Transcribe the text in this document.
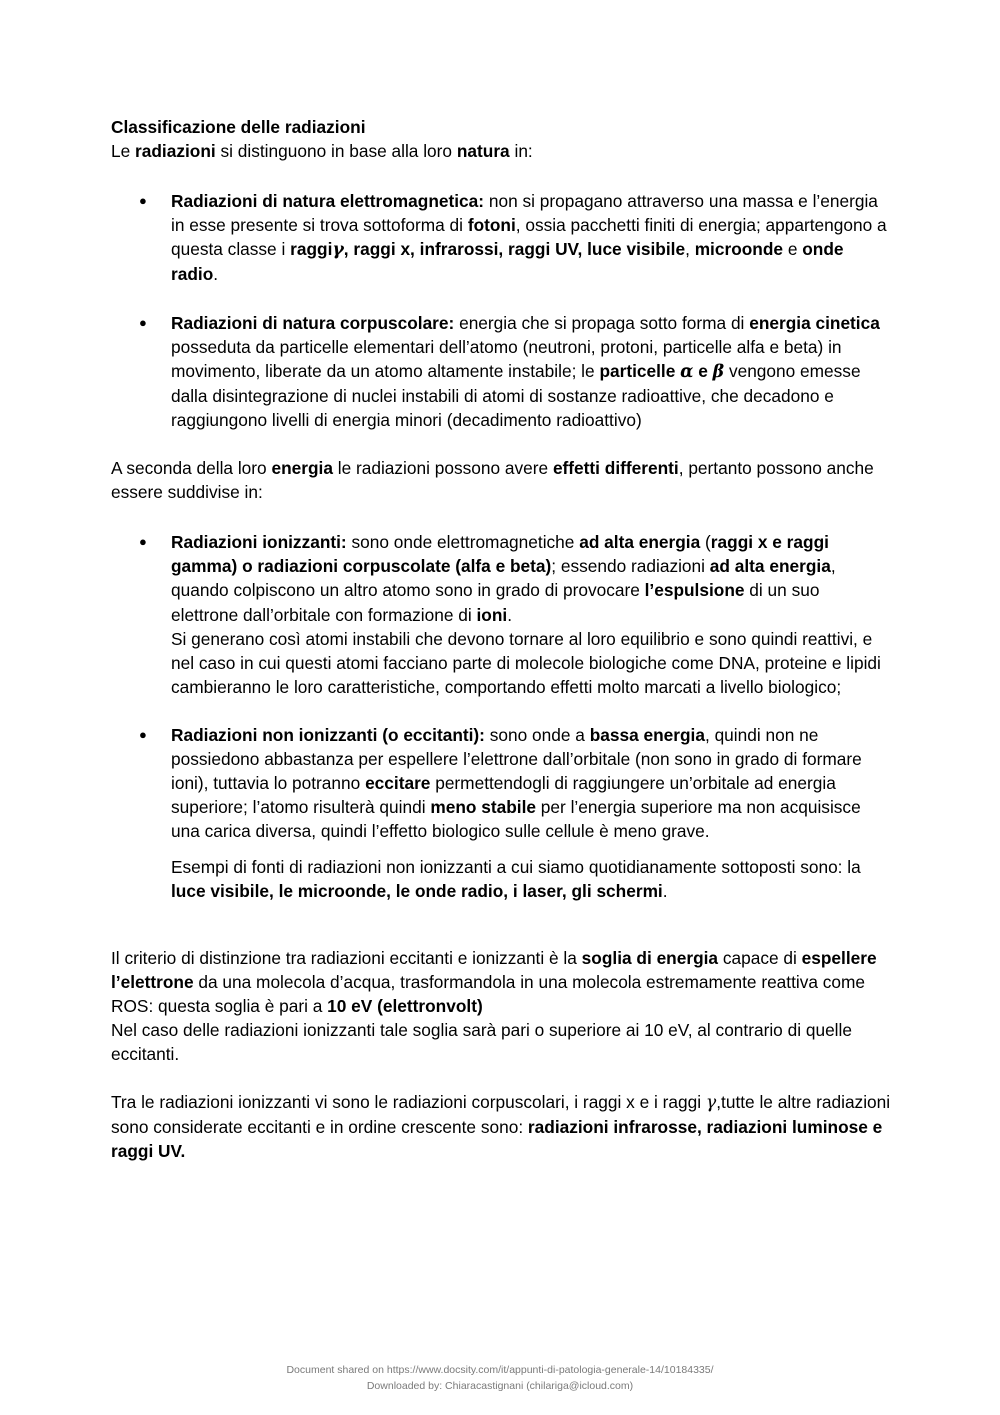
Classificazione delle radiazioni

Le radiazioni si distinguono in base alla loro natura in:

● Radiazioni di natura elettromagnetica: non si propagano attraverso una massa e l’energia in esse presente si trova sottoforma di fotoni, ossia pacchetti finiti di energia; appartengono a questa classe i raggiγ, raggi x, infrarossi, raggi UV, luce visibile, microonde e onde radio.
● Radiazioni di natura corpuscolare: energia che si propaga sotto forma di energia cinetica posseduta da particelle elementari dell’atomo (neutroni, protoni, particelle alfa e beta) in movimento, liberate da un atomo altamente instabile; le particelle α e β vengono emesse dalla disintegrazione di nuclei instabili di atomi di sostanze radioattive, che decadono e raggiungono livelli di energia minori (decadimento radioattivo)

A seconda della loro energia le radiazioni possono avere effetti differenti, pertanto possono anche essere suddivise in:

● Radiazioni ionizzanti: sono onde elettromagnetiche ad alta energia (raggi x e raggi gamma) o radiazioni corpuscolate (alfa e beta); essendo radiazioni ad alta energia, quando colpiscono un altro atomo sono in grado di provocare l’espulsione di un suo elettrone dall’orbitale con formazione di ioni.
Si generano così atomi instabili che devono tornare al loro equilibrio e sono quindi reattivi, e nel caso in cui questi atomi facciano parte di molecole biologiche come DNA, proteine e lipidi cambieranno le loro caratteristiche, comportando effetti molto marcati a livello biologico;
● Radiazioni non ionizzanti (o eccitanti): sono onde a bassa energia, quindi non ne possiedono abbastanza per espellere l’elettrone dall’orbitale (non sono in grado di formare ioni), tuttavia lo potranno eccitare permettendogli di raggiungere un’orbitale ad energia superiore; l’atomo risulterà quindi meno stabile per l’energia superiore ma non acquisisce una carica diversa, quindi l’effetto biologico sulle cellule è meno grave.

Esempi di fonti di radiazioni non ionizzanti a cui siamo quotidianamente sottoposti sono: la luce visibile, le microonde, le onde radio, i laser, gli schermi.

Il criterio di distinzione tra radiazioni eccitanti e ionizzanti è la soglia di energia capace di espellere l’elettrone da una molecola d’acqua, trasformandola in una molecola estremamente reattiva come ROS: questa soglia è pari a 10 eV (elettronvolt)
Nel caso delle radiazioni ionizzanti tale soglia sarà pari o superiore ai 10 eV, al contrario di quelle eccitanti.

Tra le radiazioni ionizzanti vi sono le radiazioni corpuscolari, i raggi x e i raggi γ,tutte le altre radiazioni sono considerate eccitanti e in ordine crescente sono: radiazioni infrarosse, radiazioni luminose e raggi UV.

Document shared on https://www.docsity.com/it/appunti-di-patologia-generale-14/10184335/
Downloaded by: Chiaracastignani (chilariga@icloud.com)
